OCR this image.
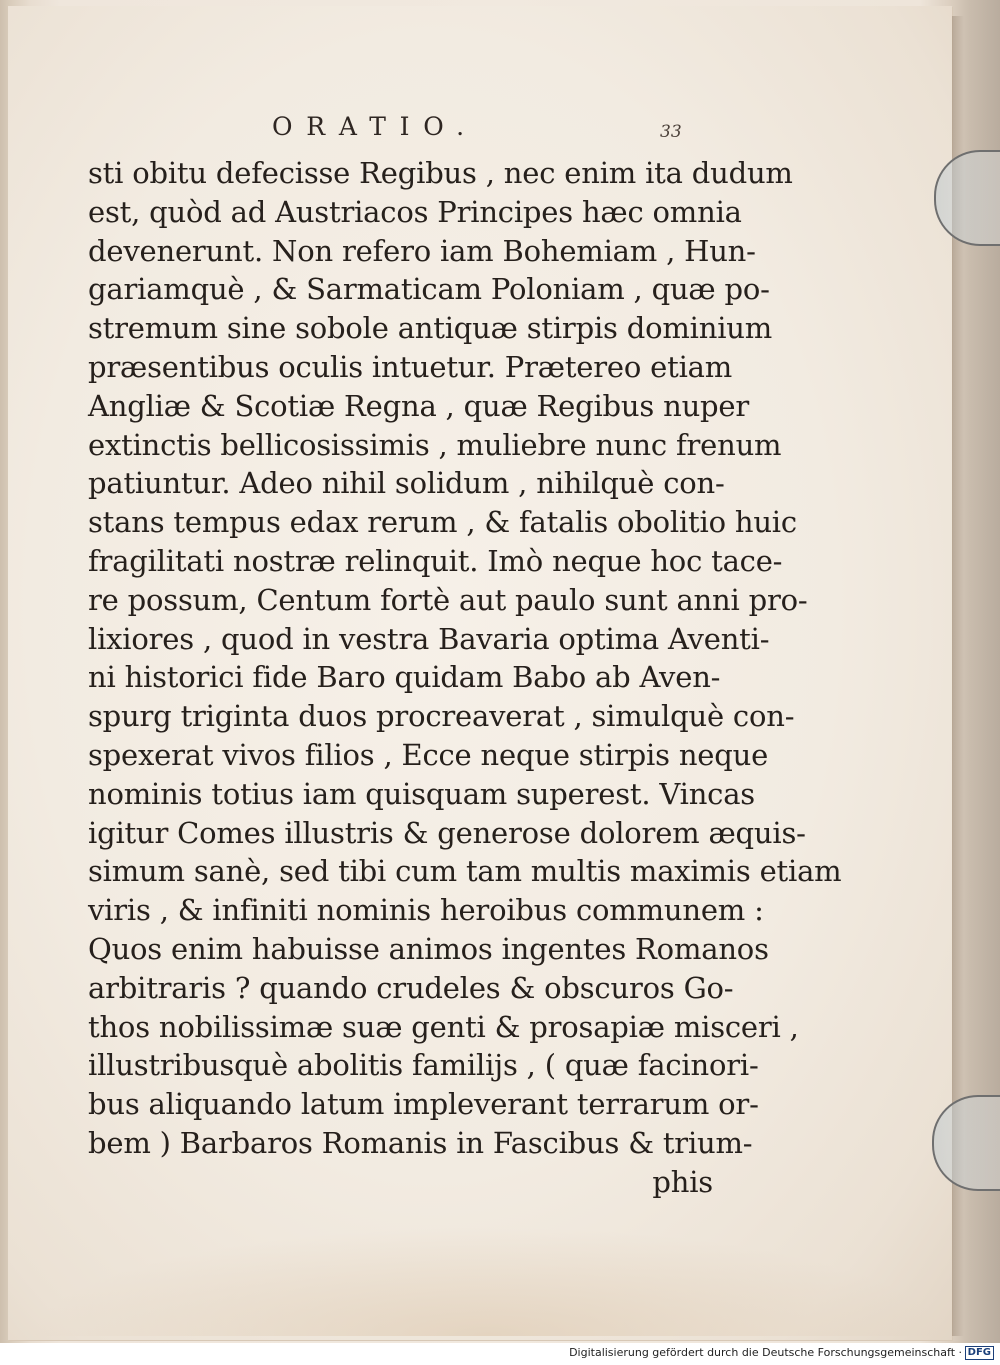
ORATIO.	33
sti obitu defecisse Regibus , nec enim ita dudum
est, quòd ad Austriacos Principes hæc omnia
devenerunt. Non refero iam Bohemiam , Hun-
gariamquè , & Sarmaticam Poloniam , quæ po-
stremum sine sobole antiquæ stirpis dominium
præsentibus oculis intuetur. Prætereo etiam
Angliæ & Scotiæ Regna , quæ Regibus nuper
extinctis bellicosissimis , muliebre nunc frenum
patiuntur. Adeo nihil solidum , nihilquè con-
stans tempus edax rerum , & fatalis obolitio huic
fragilitati nostræ relinquit. Imò neque hoc tace-
re possum, Centum fortè aut paulo sunt anni pro-
lixiores , quod in vestra Bavaria optima Aventi-
ni historici fide Baro quidam Babo ab Aven-
spurg triginta duos procreaverat , simulquè con-
spexerat vivos filios , Ecce neque stirpis neque
nominis totius iam quisquam superest. Vincas
igitur Comes illustris & generose dolorem æquis-
simum sanè, sed tibi cum tam multis maximis etiam
viris , & infiniti nominis heroibus communem :
Quos enim habuisse animos ingentes Romanos
arbitraris ? quando crudeles & obscuros Go-
thos nobilissimæ suæ genti & prosapiæ misceri ,
illustribusquè abolitis familijs , ( quæ facinori-
bus aliquando latum impleverant terrarum or-
bem ) Barbaros Romanis in Fascibus & trium-
phis
Digitalisierung gefördert durch die Deutsche Forschungsgemeinschaft · DFG
